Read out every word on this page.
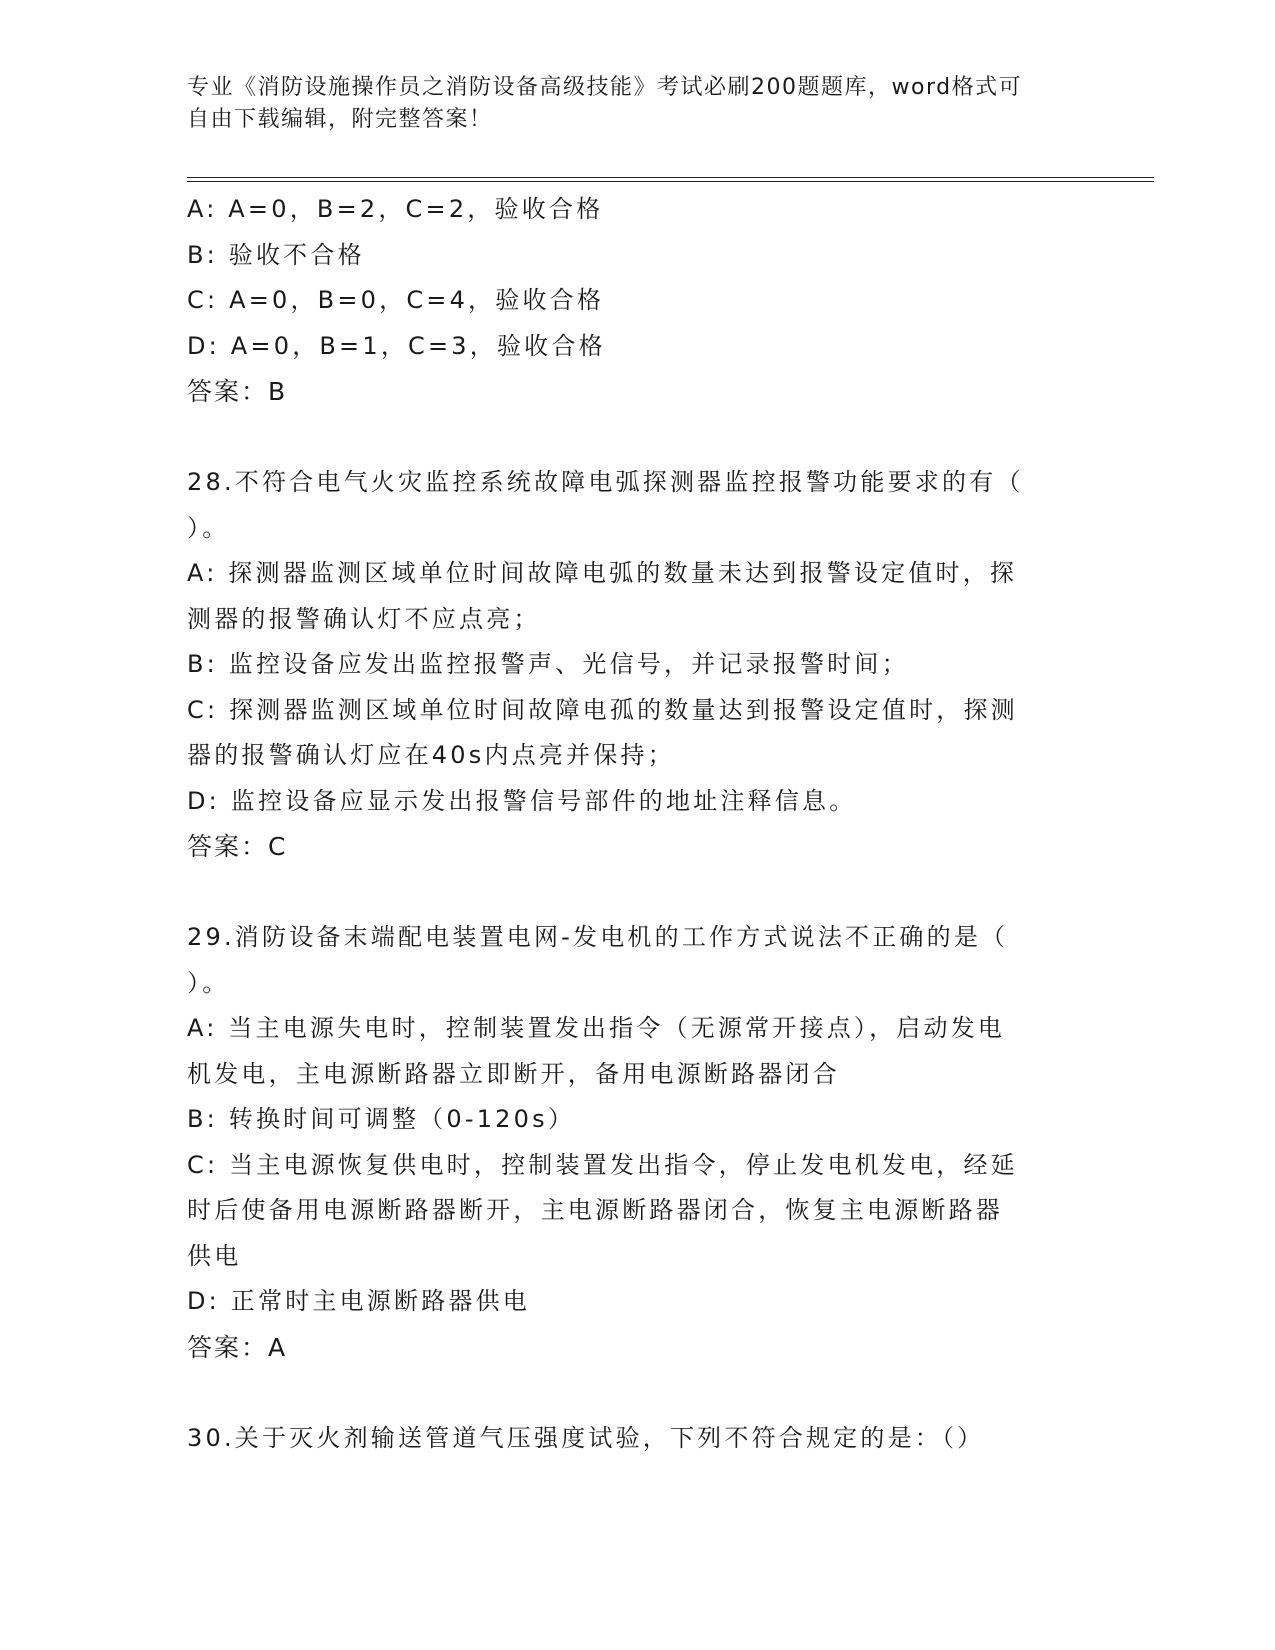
专业《消防设施操作员之消防设备高级技能》考试必刷200题题库，word格式可
自由下载编辑，附完整答案！
A: A=0，B=2，C=2，验收合格
B: 验收不合格
C: A=0，B=0，C=4，验收合格
D: A=0，B=1，C=3，验收合格
答案：B
28.不符合电气火灾监控系统故障电弧探测器监控报警功能要求的有（
）。
A: 探测器监测区域单位时间故障电弧的数量未达到报警设定值时，探
测器的报警确认灯不应点亮；
B: 监控设备应发出监控报警声、光信号，并记录报警时间；
C: 探测器监测区域单位时间故障电孤的数量达到报警设定值时，探测
器的报警确认灯应在40s内点亮并保持；
D: 监控设备应显示发出报警信号部件的地址注释信息。
答案：C
29.消防设备末端配电装置电网-发电机的工作方式说法不正确的是（
）。
A: 当主电源失电时，控制装置发出指令（无源常开接点），启动发电
机发电，主电源断路器立即断开，备用电源断路器闭合
B: 转换时间可调整（0-120s）
C: 当主电源恢复供电时，控制装置发出指令，停止发电机发电，经延
时后使备用电源断路器断开，主电源断路器闭合，恢复主电源断路器
供电
D: 正常时主电源断路器供电
答案：A
30.关于灭火剂输送管道气压强度试验，下列不符合规定的是：（）
